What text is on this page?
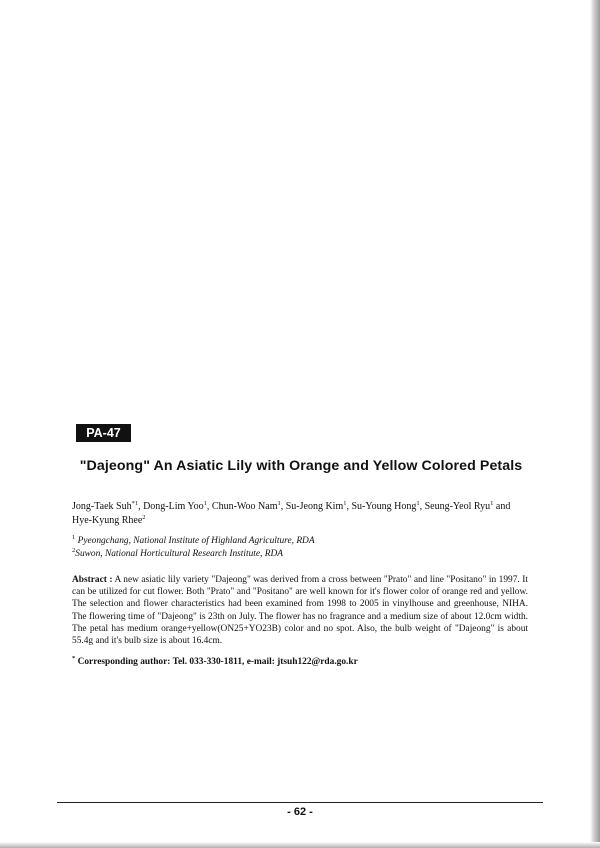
PA-47
"Dajeong" An Asiatic Lily with Orange and Yellow Colored Petals
Jong-Taek Suh$^{*1}$, Dong-Lim Yoo$^1$, Chun-Woo Nam$^1$, Su-Jeong Kim$^1$, Su-Young Hong$^1$, Seung-Yeol Ryu$^1$ and Hye-Kyung Rhee$^2$
$^1$ Pyeongchang, National Institute of Highland Agriculture, RDA
$^2$Suwon, National Horticultural Research Institute, RDA
Abstract : A new asiatic lily variety "Dajeong" was derived from a cross between "Prato" and line "Positano" in 1997. It can be utilized for cut flower. Both "Prato" and "Positano" are well known for it's flower color of orange red and yellow. The selection and flower characteristics had been examined from 1998 to 2005 in vinylhouse and greenhouse, NIHA. The flowering time of "Dajeong" is 23th on July. The flower has no fragrance and a medium size of about 12.0cm width. The petal has medium orange+yellow(ON25+YO23B) color and no spot. Also, the bulb weight of "Dajeong" is about 55.4g and it's bulb size is about 16.4cm.
* Corresponding author: Tel. 033-330-1811, e-mail: jtsuh122@rda.go.kr
- 62 -
